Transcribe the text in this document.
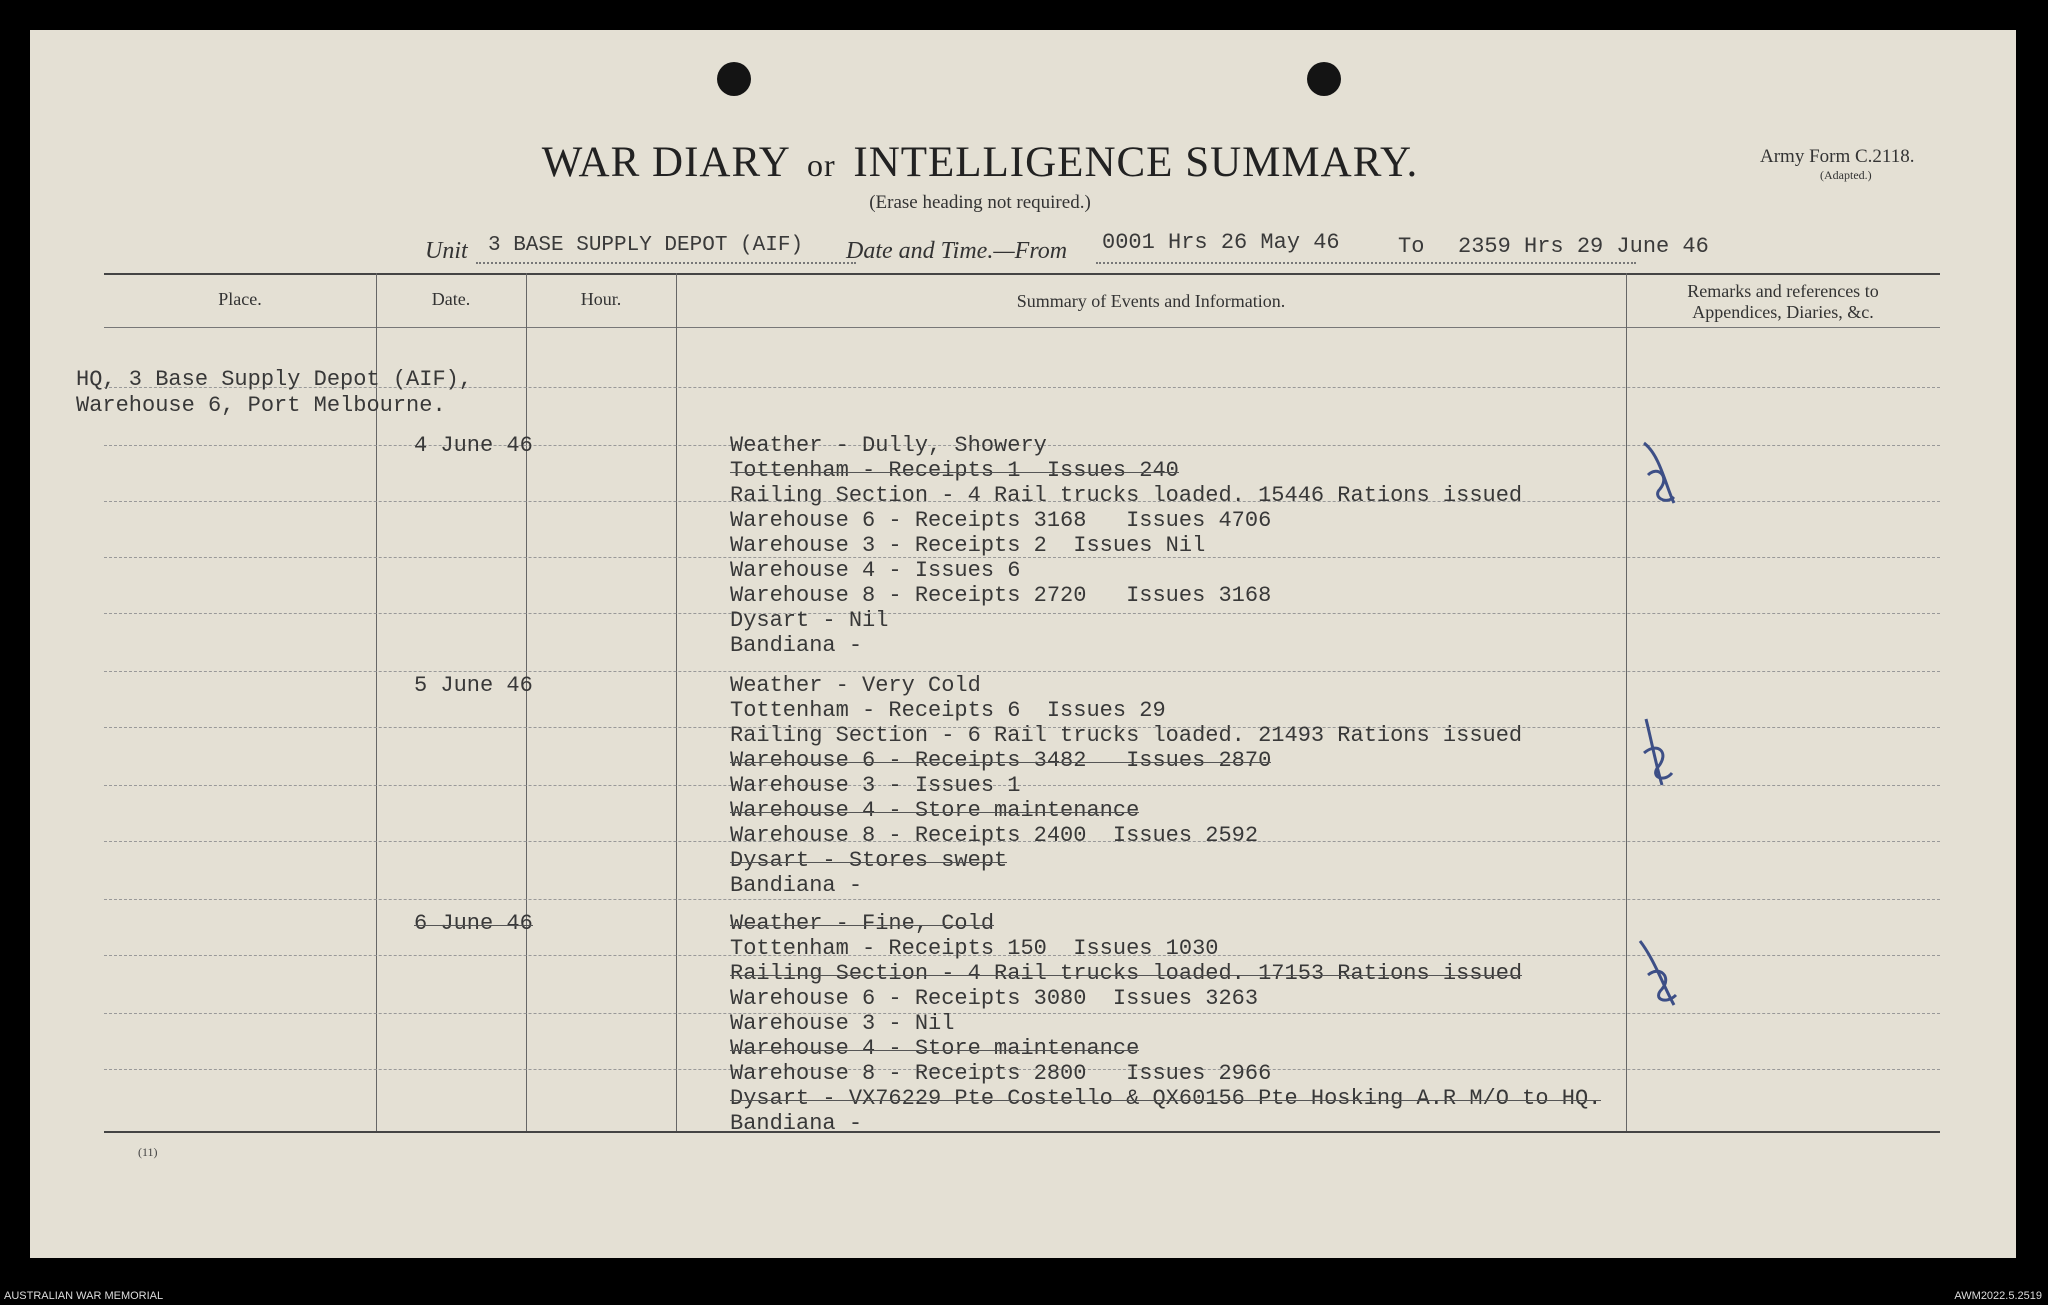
WAR DIARY or INTELLIGENCE SUMMARY.
(Erase heading not required.)
Army Form C.2118.
(Adapted.)
Unit 3 BASE SUPPLY DEPOT (AIF) Date and Time.—From 0001 Hrs 26 May 46	To 2359 Hrs 29 June 46
Place.	Date.	Hour.	Summary of Events and Information.	Remarks and references to
Appendices, Diaries, &c.
HQ, 3 Base Supply Depot (AIF),
Warehouse 6, Port Melbourne.
4 June 46	Weather - Dully, Showery
Tottenham - Receipts 1  Issues 240
Railing Section - 4 Rail trucks loaded. 15446 Rations issued
Warehouse 6 - Receipts 3168   Issues 4706
Warehouse 3 - Receipts 2  Issues Nil
Warehouse 4 - Issues 6
Warehouse 8 - Receipts 2720   Issues 3168
Dysart - Nil
Bandiana -
5 June 46	Weather - Very Cold
Tottenham - Receipts 6  Issues 29
Railing Section - 6 Rail trucks loaded. 21493 Rations issued
Warehouse 6 - Receipts 3482   Issues 2870
Warehouse 3 - Issues 1
Warehouse 4 - Store maintenance
Warehouse 8 - Receipts 2400  Issues 2592
Dysart - Stores swept
Bandiana -
6 June 46	Weather - Fine, Cold
Tottenham - Receipts 150  Issues 1030
Railing Section - 4 Rail trucks loaded. 17153 Rations issued
Warehouse 6 - Receipts 3080  Issues 3263
Warehouse 3 - Nil
Warehouse 4 - Store maintenance
Warehouse 8 - Receipts 2800   Issues 2966
Dysart - VX76229 Pte Costello & QX60156 Pte Hosking A.R M/O to HQ.
Bandiana -
(11)
AUSTRALIAN WAR MEMORIAL	AWM2022.5.2519
